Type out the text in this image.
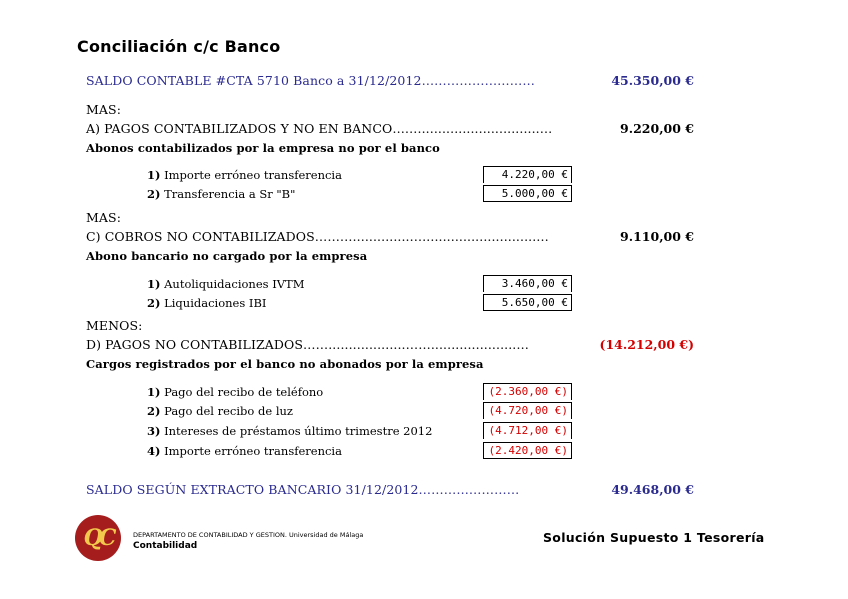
Conciliación c/c Banco
SALDO CONTABLE #CTA 5710 Banco a 31/12/2012………………………	45.350,00 €
MAS:
A) PAGOS CONTABILIZADOS Y NO EN BANCO……..............................…	9.220,00 €
Abonos contabilizados por la empresa no por el banco
1) Importe erróneo transferencia	4.220,00 €
2) Transferencia a Sr "B"	5.000,00 €
MAS:
C) COBROS NO CONTABILIZADOS…….…..............…...........................…	9.110,00 €
Abono bancario no cargado por la empresa
1) Autoliquidaciones IVTM	3.460,00 €
2) Liquidaciones IBI	5.650,00 €
MENOS:
D) PAGOS NO CONTABILIZADOS……...................…….....................…	(14.212,00 €)
Cargos registrados por el banco no abonados por la empresa
1) Pago del recibo de teléfono	(2.360,00 €)
2) Pago del recibo de luz	(4.720,00 €)
3) Intereses de préstamos último trimestre 2012	(4.712,00 €)
4) Importe erróneo transferencia	(2.420,00 €)
SALDO SEGÚN EXTRACTO BANCARIO 31/12/2012……………………	49.468,00 €
QC	DEPARTAMENTO DE CONTABILIDAD Y GESTION. Universidad de Málaga
Contabilidad
Solución Supuesto 1 Tesorería
